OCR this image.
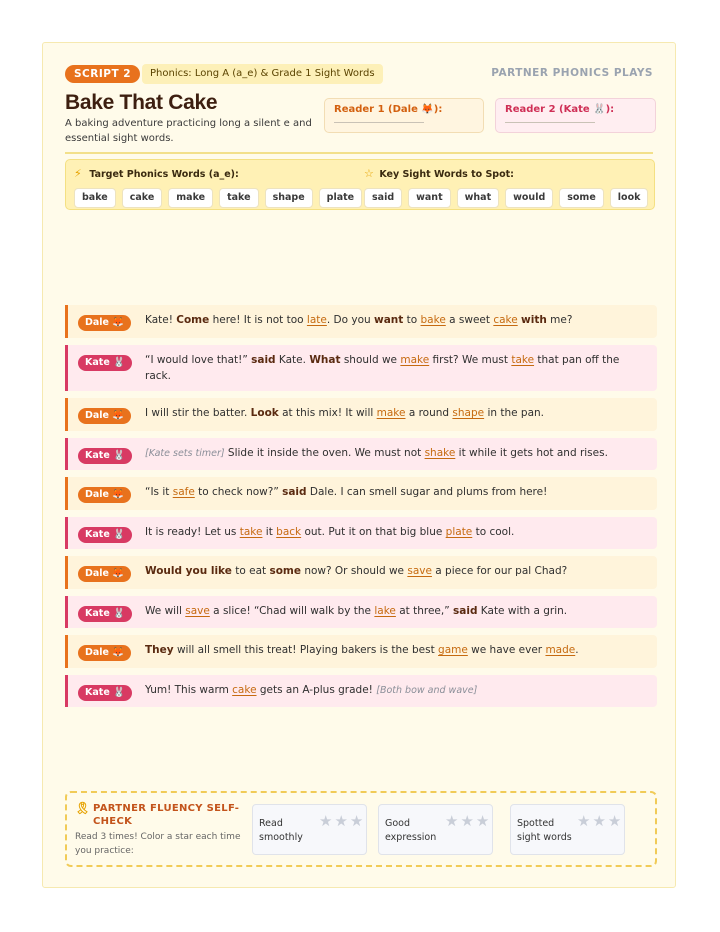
SCRIPT 2	Phonics: Long A (a_e) & Grade 1 Sight Words	PARTNER PHONICS PLAYS
Bake That Cake
A baking adventure practicing long a silent e and essential sight words.
Reader 1 (Dale 🦊):	Reader 2 (Kate 🐰):
⚡ Target Phonics Words (a_e):
bake cake make take shape plate
☆ Key Sight Words to Spot:
said want what would some look
Dale 🦊	Kate! Come here! It is not too late. Do you want to bake a sweet cake with me?
Kate 🐰	“I would love that!” said Kate. What should we make first? We must take that pan off the rack.
Dale 🦊	I will stir the batter. Look at this mix! It will make a round shape in the pan.
Kate 🐰	[Kate sets timer] Slide it inside the oven. We must not shake it while it gets hot and rises.
Dale 🦊	“Is it safe to check now?” said Dale. I can smell sugar and plums from here!
Kate 🐰	It is ready! Let us take it back out. Put it on that big blue plate to cool.
Dale 🦊	Would you like to eat some now? Or should we save a piece for our pal Chad?
Kate 🐰	We will save a slice! “Chad will walk by the lake at three,” said Kate with a grin.
Dale 🦊	They will all smell this treat! Playing bakers is the best game we have ever made.
Kate 🐰	Yum! This warm cake gets an A-plus grade! [Both bow and wave]
🎗 PARTNER FLUENCY SELF-CHECK
Read 3 times! Color a star each time you practice:
Read smoothly
★★★ Good expression
★★★	Spotted sight words
★★★
